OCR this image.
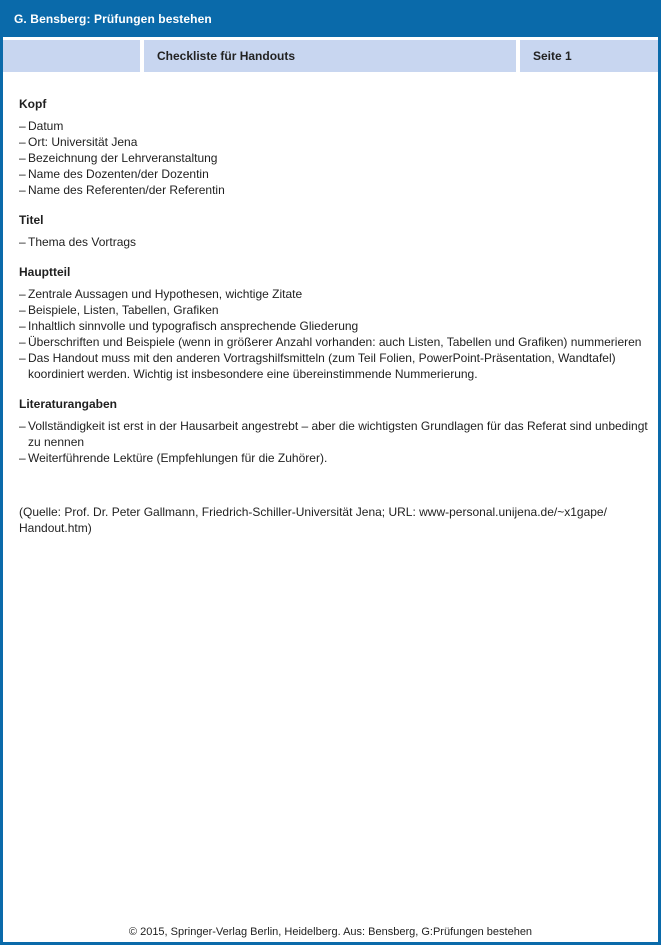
G. Bensberg: Prüfungen bestehen
Checkliste für Handouts	Seite 1
Kopf
– Datum
– Ort: Universität Jena
– Bezeichnung der Lehrveranstaltung
– Name des Dozenten/der Dozentin
– Name des Referenten/der Referentin
Titel
– Thema des Vortrags
Hauptteil
– Zentrale Aussagen und Hypothesen, wichtige Zitate
– Beispiele, Listen, Tabellen, Grafiken
– Inhaltlich sinnvolle und typografisch ansprechende Gliederung
– Überschriften und Beispiele (wenn in größerer Anzahl vorhanden: auch Listen, Tabellen und Grafiken) nummerieren
– Das Handout muss mit den anderen Vortragshilfsmitteln (zum Teil Folien, PowerPoint-Präsentation, Wandtafel) koordiniert werden. Wichtig ist insbesondere eine übereinstimmende Nummerierung.
Literaturangaben
– Vollständigkeit ist erst in der Hausarbeit angestrebt – aber die wichtigsten Grundlagen für das Referat sind unbedingt zu nennen
– Weiterführende Lektüre (Empfehlungen für die Zuhörer).
(Quelle: Prof. Dr. Peter Gallmann, Friedrich-Schiller-Universität Jena; URL: www-personal.unijena.de/~x1gape/ Handout.htm)
© 2015, Springer-Verlag Berlin, Heidelberg. Aus: Bensberg, G:Prüfungen bestehen
